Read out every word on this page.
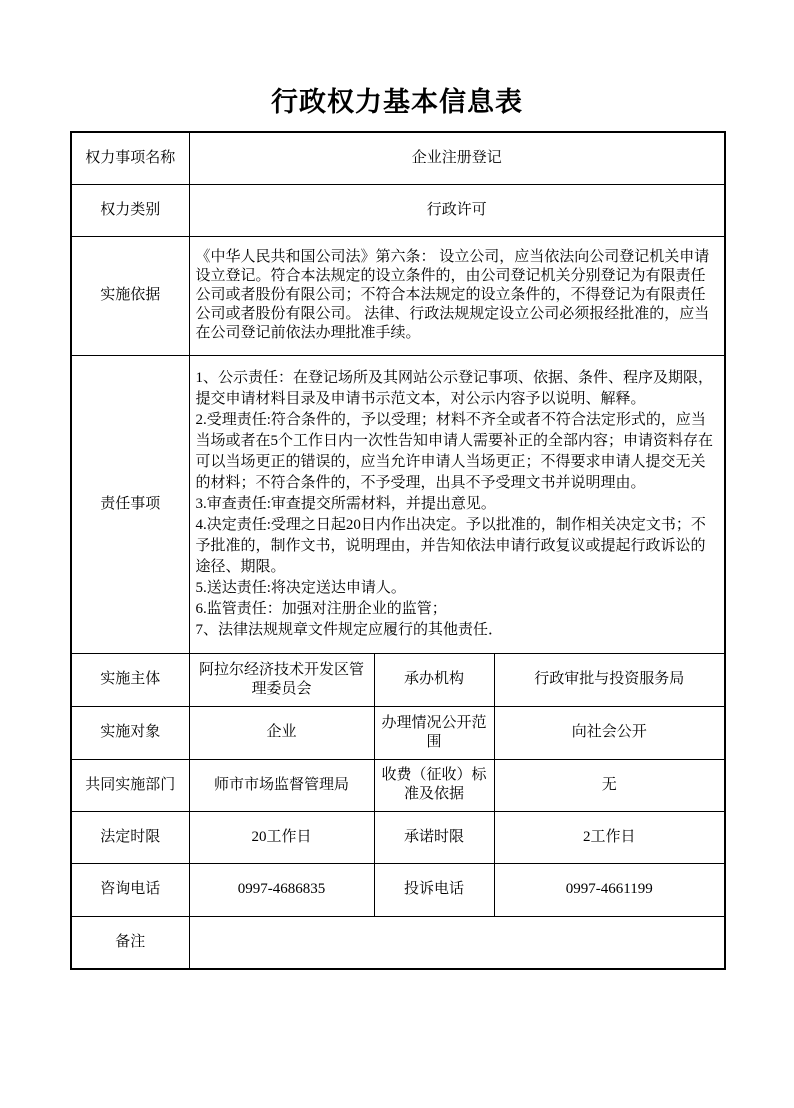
行政权力基本信息表
权力事项名称	企业注册登记		
权力类别	行政许可		
实施依据	《中华人民共和国公司法》第六条： 设立公司，应当依法向公司登记机关申请设立登记。符合本法规定的设立条件的，由公司登记机关分别登记为有限责任公司或者股份有限公司；不符合本法规定的设立条件的，不得登记为有限责任公司或者股份有限公司。 法律、行政法规规定设立公司必须报经批准的，应当在公司登记前依法办理批准手续。		
责任事项	

1、公示责任：在登记场所及其网站公示登记事项、依据、条件、程序及期限，提交申请材料目录及申请书示范文本，对公示内容予以说明、解释。

2.受理责任:符合条件的，予以受理；材料不齐全或者不符合法定形式的，应当当场或者在5个工作日内一次性告知申请人需要补正的全部内容；申请资料存在可以当场更正的错误的，应当允许申请人当场更正；不得要求申请人提交无关的材料；不符合条件的，不予受理，出具不予受理文书并说明理由。

3.审查责任:审查提交所需材料，并提出意见。

4.决定责任:受理之日起20日内作出决定。予以批准的，制作相关决定文书；不予批准的，制作文书，说明理由，并告知依法申请行政复议或提起行政诉讼的途径、期限。

5.送达责任:将决定送达申请人。

6.监管责任：加强对注册企业的监管；

7、法律法规规章文件规定应履行的其他责任．

实施主体	阿拉尔经济技术开发区管理委员会	承办机构	行政审批与投资服务局
实施对象	企业	办理情况公开范围	向社会公开
共同实施部门	师市市场监督管理局	收费（征收）标准及依据	无
法定时限	20工作日	承诺时限	2工作日
咨询电话	0997-4686835	投诉电话	0997-4661199
备注			
